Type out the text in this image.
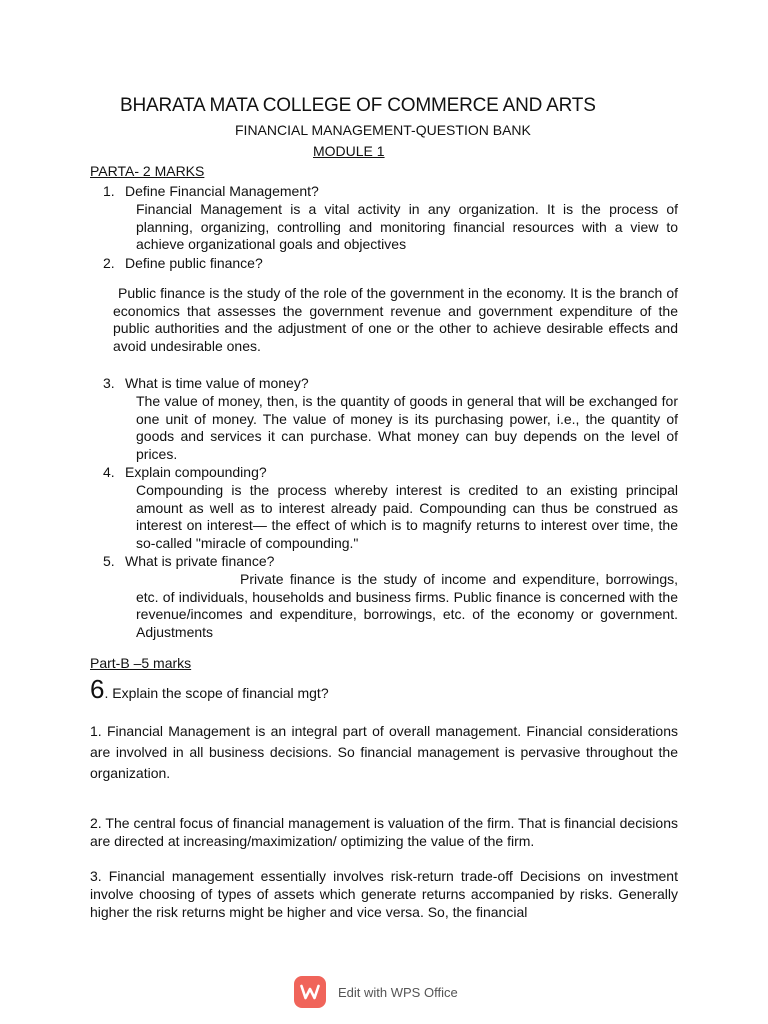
BHARATA MATA COLLEGE OF COMMERCE AND ARTS

FINANCIAL MANAGEMENT-QUESTION BANK

MODULE 1

PARTA- 2 MARKS

1. Define Financial Management?

Financial Management is a vital activity in any organization. It is the process of planning, organizing, controlling and monitoring financial resources with a view to achieve organizational goals and objectives

2. Define public finance?

Public finance is the study of the role of the government in the economy. It is the branch of economics that assesses the government revenue and government expenditure of the public authorities and the adjustment of one or the other to achieve desirable effects and avoid undesirable ones.

3. What is time value of money?

The value of money, then, is the quantity of goods in general that will be exchanged for one unit of money. The value of money is its purchasing power, i.e., the quantity of goods and services it can purchase. What money can buy depends on the level of prices.

4. Explain compounding?

Compounding is the process whereby interest is credited to an existing principal amount as well as to interest already paid. Compounding can thus be construed as interest on interest— the effect of which is to magnify returns to interest over time, the so-called "miracle of compounding."

5. What is private finance?

Private finance is the study of income and expenditure, borrowings, etc. of individuals, households and business firms. Public finance is concerned with the revenue/incomes and expenditure, borrowings, etc. of the economy or government. Adjustments

Part-B –5 marks

6. Explain the scope of financial mgt?

1. Financial Management is an integral part of overall management. Financial considerations are involved in all business decisions. So financial management is pervasive throughout the organization.

2. The central focus of financial management is valuation of the firm. That is financial decisions are directed at increasing/maximization/ optimizing the value of the firm.

3. Financial management essentially involves risk-return trade-off Decisions on investment involve choosing of types of assets which generate returns accompanied by risks. Generally higher the risk returns might be higher and vice versa. So, the financial

Edit with WPS Office
